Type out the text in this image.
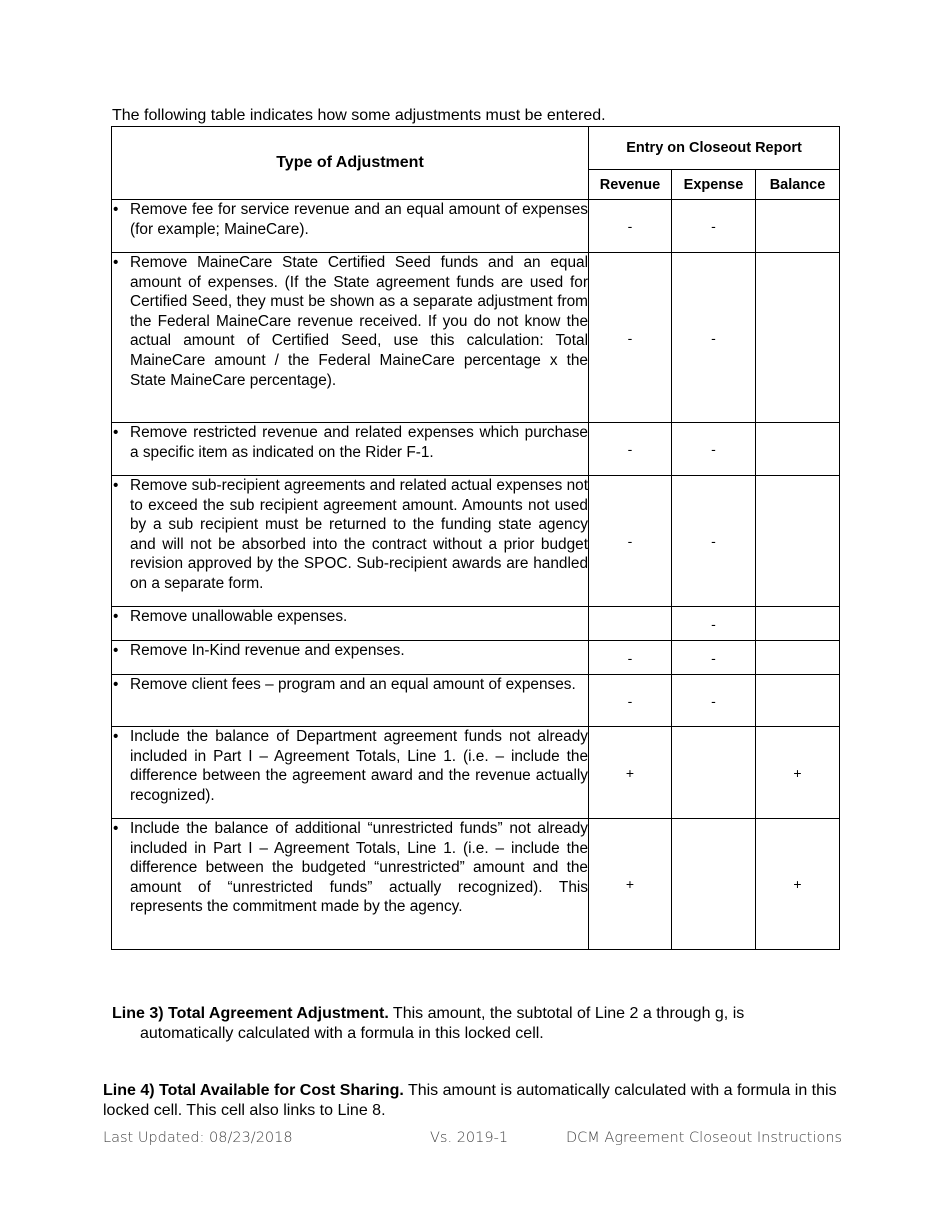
The following table indicates how some adjustments must be entered.
Type of Adjustment	Entry on Closeout Report		
	Revenue	Expense	Balance

• Remove fee for service revenue and an equal amount of expenses (for example; MaineCare).	-	-	

• Remove MaineCare State Certified Seed funds and an equal amount of expenses. (If the State agreement funds are used for Certified Seed, they must be shown as a separate adjustment from the Federal MaineCare revenue received. If you do not know the actual amount of Certified Seed, use this calculation: Total MaineCare amount / the Federal MaineCare percentage x the State MaineCare percentage).	-	-	

• Remove restricted revenue and related expenses which purchase a specific item as indicated on the Rider F-1.	-	-	

• Remove sub-recipient agreements and related actual expenses not to exceed the sub recipient agreement amount. Amounts not used by a sub recipient must be returned to the funding state agency and will not be absorbed into the contract without a prior budget revision approved by the SPOC. Sub-recipient awards are handled on a separate form.	-	-	

• Remove unallowable expenses.		-	

• Remove In-Kind revenue and expenses.	-	-	

• Remove client fees – program and an equal amount of expenses.	-	-	

• Include the balance of Department agreement funds not already included in Part I – Agreement Totals, Line 1. (i.e. – include the difference between the agreement award and the revenue actually recognized).	+		+

• Include the balance of additional “unrestricted funds” not already included in Part I – Agreement Totals, Line 1. (i.e. – include the difference between the budgeted “unrestricted” amount and the amount of “unrestricted funds” actually recognized). This represents the commitment made by the agency.	+		+
Line 3) Total Agreement Adjustment. This amount, the subtotal of Line 2 a through g, is
automatically calculated with a formula in this locked cell.
Line 4) Total Available for Cost Sharing. This amount is automatically calculated with a formula in this locked cell. This cell also links to Line 8.
Last Updated: 08/23/2018	Vs. 2019-1	DCM Agreement Closeout Instructions
